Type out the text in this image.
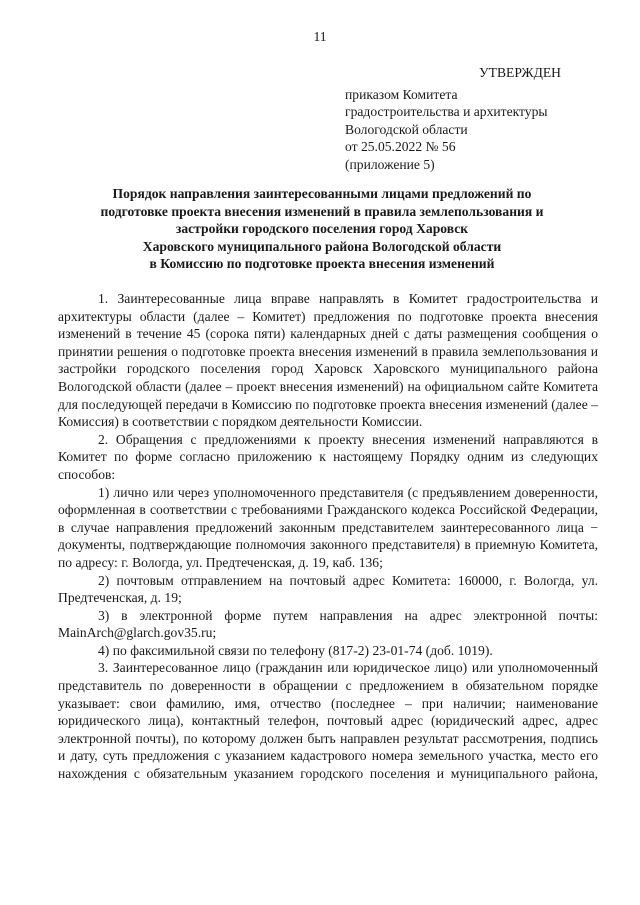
11
УТВЕРЖДЕН
приказом Комитета
градостроительства и архитектуры
Вологодской области
от 25.05.2022 № 56
(приложение 5)
Порядок направления заинтересованными лицами предложений по
подготовке проекта внесения изменений в правила землепользования и
застройки городского поселения город Харовск
Харовского муниципального района Вологодской области
в Комиссию по подготовке проекта внесения изменений

1. Заинтересованные лица вправе направлять в Комитет градостроительства и архитектуры области (далее – Комитет) предложения по подготовке проекта внесения изменений в течение 45 (сорока пяти) календарных дней с даты размещения сообщения о принятии решения о подготовке проекта внесения изменений в правила землепользования и застройки городского поселения город Харовск Харовского муниципального района Вологодской области (далее – проект внесения изменений) на официальном сайте Комитета для последующей передачи в Комиссию по подготовке проекта внесения изменений (далее – Комиссия) в соответствии с порядком деятельности Комиссии.

2. Обращения с предложениями к проекту внесения изменений направляются в Комитет по форме согласно приложению к настоящему Порядку одним из следующих способов:

1) лично или через уполномоченного представителя (с предъявлением доверенности, оформленная в соответствии с требованиями Гражданского кодекса Российской Федерации, в случае направления предложений законным представителем заинтересованного лица − документы, подтверждающие полномочия законного представителя) в приемную Комитета, по адресу: г. Вологда, ул. Предтеченская, д. 19, каб. 136;

2) почтовым отправлением на почтовый адрес Комитета: 160000, г. Вологда, ул. Предтеченская, д. 19;

3) в электронной форме путем направления на адрес электронной почты: MainArch@glarch.gov35.ru;

4) по факсимильной связи по телефону (817-2) 23-01-74 (доб. 1019).

3. Заинтересованное лицо (гражданин или юридическое лицо) или уполномоченный представитель по доверенности в обращении с предложением в обязательном порядке указывает: свои фамилию, имя, отчество (последнее – при наличии; наименование юридического лица), контактный телефон, почтовый адрес (юридический адрес, адрес электронной почты), по которому должен быть направлен результат рассмотрения, подпись и дату, суть предложения с указанием кадастрового номера земельного участка, место его нахождения с обязательным указанием городского поселения и муниципального района,
